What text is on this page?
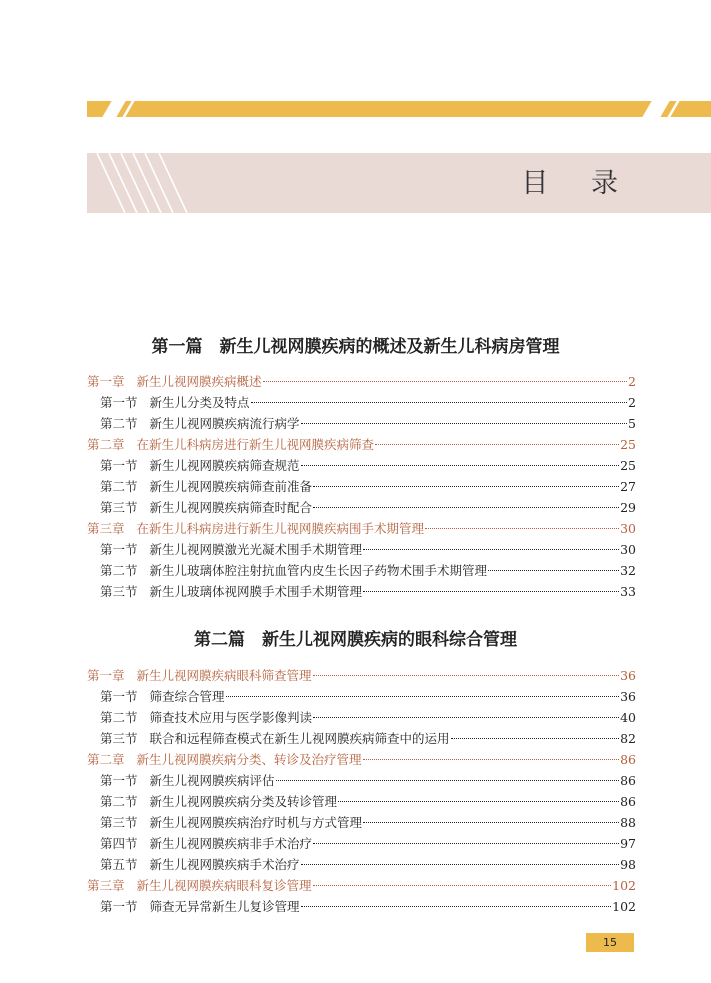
目 录
第一篇　新生儿视网膜疾病的概述及新生儿科病房管理
第一章 新生儿视网膜疾病概述	2
第一节 新生儿分类及特点	2
第二节 新生儿视网膜疾病流行病学	5
第二章 在新生儿科病房进行新生儿视网膜疾病筛查	25
第一节 新生儿视网膜疾病筛查规范	25
第二节 新生儿视网膜疾病筛查前准备	27
第三节 新生儿视网膜疾病筛查时配合	29
第三章 在新生儿科病房进行新生儿视网膜疾病围手术期管理	30
第一节 新生儿视网膜激光光凝术围手术期管理	30
第二节 新生儿玻璃体腔注射抗血管内皮生长因子药物术围手术期管理	32
第三节 新生儿玻璃体视网膜手术围手术期管理	33
第二篇　新生儿视网膜疾病的眼科综合管理
第一章 新生儿视网膜疾病眼科筛查管理	36
第一节 筛查综合管理	36
第二节 筛查技术应用与医学影像判读	40
第三节 联合和远程筛查模式在新生儿视网膜疾病筛查中的运用	82
第二章 新生儿视网膜疾病分类、转诊及治疗管理	86
第一节 新生儿视网膜疾病评估	86
第二节 新生儿视网膜疾病分类及转诊管理	86
第三节 新生儿视网膜疾病治疗时机与方式管理	88
第四节 新生儿视网膜疾病非手术治疗	97
第五节 新生儿视网膜疾病手术治疗	98
第三章 新生儿视网膜疾病眼科复诊管理	102
第一节 筛查无异常新生儿复诊管理	102
15
